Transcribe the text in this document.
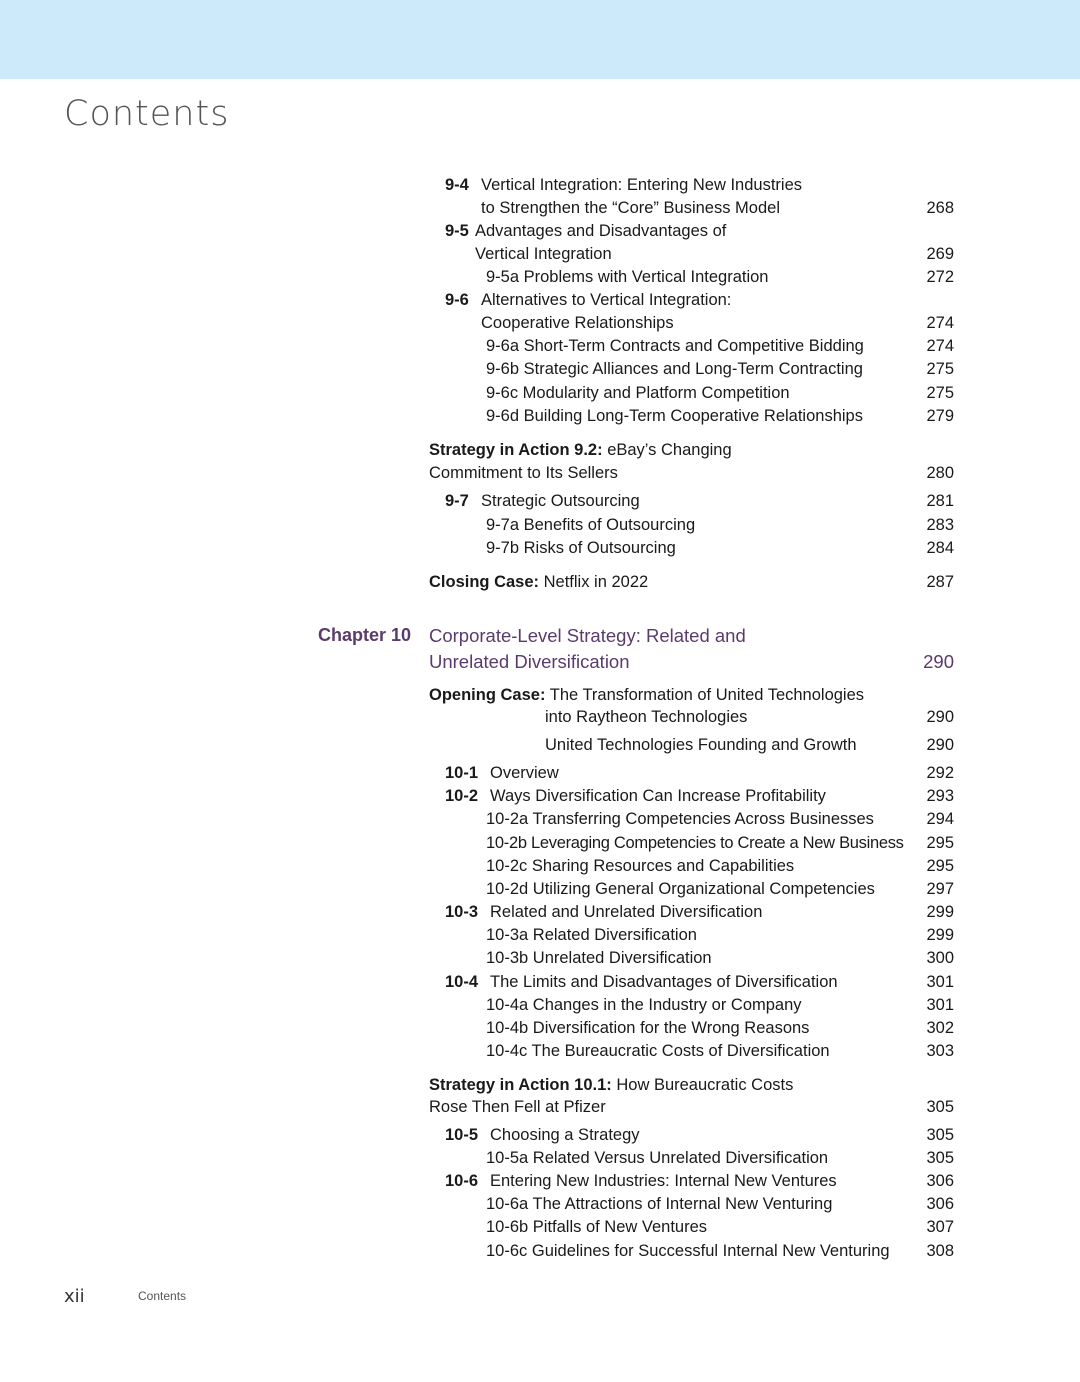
Contents
9-4 Vertical Integration: Entering New Industries
to Strengthen the “Core” Business Model	268
9-5 Advantages and Disadvantages of
Vertical Integration	269
9-5a Problems with Vertical Integration	272
9-6 Alternatives to Vertical Integration:
Cooperative Relationships	274
9-6a Short-Term Contracts and Competitive Bidding	274
9-6b Strategic Alliances and Long-Term Contracting	275
9-6c Modularity and Platform Competition	275
9-6d Building Long-Term Cooperative Relationships	279
Strategy in Action 9.2: eBay’s Changing
Commitment to Its Sellers	280
9-7 Strategic Outsourcing	281
9-7a Benefits of Outsourcing	283
9-7b Risks of Outsourcing	284
Closing Case: Netflix in 2022	287
Chapter 10 Corporate-Level Strategy: Related and
Unrelated Diversification	290
Opening Case: The Transformation of United Technologies
into Raytheon Technologies	290
United Technologies Founding and Growth	290
10-1 Overview	292
10-2 Ways Diversification Can Increase Profitability	293
10-2a Transferring Competencies Across Businesses	294
10-2b Leveraging Competencies to Create a New Business 295
10-2c Sharing Resources and Capabilities	295
10-2d Utilizing General Organizational Competencies	297
10-3 Related and Unrelated Diversification	299
10-3a Related Diversification	299
10-3b Unrelated Diversification	300
10-4 The Limits and Disadvantages of Diversification	301
10-4a Changes in the Industry or Company	301
10-4b Diversification for the Wrong Reasons	302
10-4c The Bureaucratic Costs of Diversification	303
Strategy in Action 10.1: How Bureaucratic Costs
Rose Then Fell at Pfizer	305
10-5 Choosing a Strategy	305
10-5a Related Versus Unrelated Diversification	305
10-6 Entering New Industries: Internal New Ventures	306
10-6a The Attractions of Internal New Venturing	306
10-6b Pitfalls of New Ventures	307
10-6c Guidelines for Successful Internal New Venturing 308
xii	Contents
